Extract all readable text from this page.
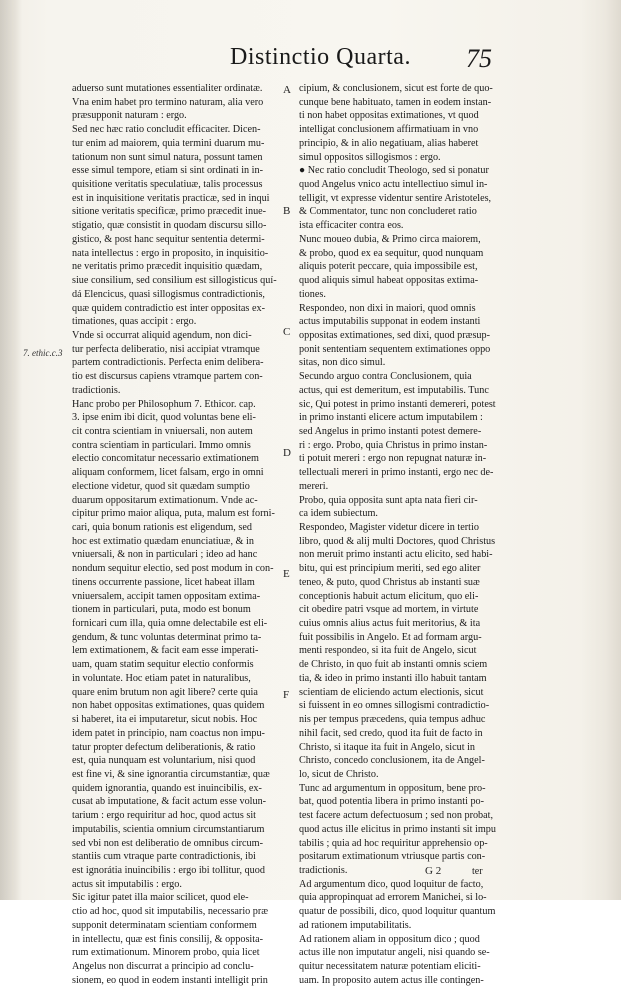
Distinctio Quarta. 75
7. ethic.c.3
A
B
C
D
E
F
aduerso sunt mutationes essentialiter ordinatæ.
Vna enim habet pro termino naturam, alia vero
præsupponit naturam : ergo.
Sed nec hæc ratio concludit efficaciter. Dicen-
tur enim ad maiorem, quia termini duarum mu-
tationum non sunt simul natura, possunt tamen
esse simul tempore, etiam si sint ordinati in in-
quisitione veritatis speculatiuæ, talis processus
est in inquisitione veritatis practicæ, sed in inqui
sitione veritatis specificæ, primo præcedit inue-
stigatio, quæ consistit in quodam discursu sillo-
gistico, & post hanc sequitur sententia determi-
nata intellectus : ergo in proposito, in inquisitio-
ne veritatis primo præcedit inquisitio quædam,
siue consilium, sed consilium est sillogisticus quí-
dá Elencicus, quasi sillogismus contradictionis,
quæ quidem contradictio est inter oppositas ex-
timationes, quas accipit : ergo.
Vnde si occurrat aliquid agendum, non dici-
tur perfecta deliberatio, nisi accipiat vtramque
partem contradictionis. Perfecta enim delibera-
tio est discursus capiens vtramque partem con-
tradictionis.
Hanc probo per Philosophum 7. Ethicor. cap.
3. ipse enim ibi dicit, quod voluntas bene eli-
cit contra scientiam in vniuersali, non autem
contra scientiam in particulari. Immo omnis
electio concomitatur necessario extimationem
aliquam conformem, licet falsam, ergo in omni
electione videtur, quod sit quædam sumptio
duarum oppositarum extimationum. Vnde ac-
cipitur primo maior aliqua, puta, malum est forni-
cari, quia bonum rationis est eligendum, sed
hoc est extimatio quædam enunciatiuæ, & in
vniuersali, & non in particulari ; ideo ad hanc
nondum sequitur electio, sed post modum in con-
tinens occurrente passione, licet habeat illam
vniuersalem, accipit tamen oppositam extima-
tionem in particulari, puta, modo est bonum
fornicari cum illa, quia omne delectabile est eli-
gendum, & tunc voluntas determinat primo ta-
lem extimationem, & facit eam esse imperati-
uam, quam statim sequitur electio conformis
in voluntate. Hoc etiam patet in naturalibus,
quare enim brutum non agit libere? certe quia
non habet oppositas extimationes, quas quidem
si haberet, ita ei imputaretur, sicut nobis. Hoc
idem patet in principio, nam coactus non impu-
tatur propter defectum deliberationis, & ratio
est, quia nunquam est voluntarium, nisi quod
est fine vi, & sine ignorantia circumstantiæ, quæ
quidem ignorantia, quando est inuincibilis, ex-
cusat ab imputatione, & facit actum esse volun-
tarium : ergo requiritur ad hoc, quod actus sit
imputabilis, scientia omnium circumstantiarum
sed vbi non est deliberatio de omnibus circum-
stantiis cum vtraque parte contradictionis, ibi
est ignorátia inuincibilis : ergo ibi tollitur, quod
actus sit imputabilis : ergo.
Sic igitur patet illa maior scilicet, quod ele-
ctio ad hoc, quod sit imputabilis, necessario præ
supponit determinatam scientiam conformem
in intellectu, quæ est finis consilij, & opposita-
rum extimationum. Minorem probo, quia licet
Angelus non discurrat a principio ad conclu-
sionem, eo quod in eodem instanti intelligit prin
cipium, & conclusionem, sicut est forte de quo-
cunque bene habituato, tamen in eodem instan-
ti non habet oppositas extimationes, vt quod
intelligat conclusionem affirmatiuam in vno
principio, & in alio negatiuam, alias haberet
simul oppositos sillogismos : ergo.
● Nec ratio concludit Theologo, sed si ponatur
quod Angelus vnico actu intellectiuo simul in-
telligit, vt expresse videntur sentire Aristoteles,
& Commentator, tunc non concluderet ratio
ista efficaciter contra eos.
Nunc moueo dubia, & Primo circa maiorem,
& probo, quod ex ea sequitur, quod nunquam
aliquis poterit peccare, quia impossibile est,
quod aliquis simul habeat oppositas extima-
tiones.
Respondeo, non dixi in maiori, quod omnis
actus imputabilis supponat in eodem instanti
oppositas extimationes, sed dixi, quod præsup-
ponit sententiam sequentem extimationes oppo
sitas, non dico simul.
Secundo arguo contra Conclusionem, quia
actus, qui est demeritum, est imputabilis. Tunc
sic, Qui potest in primo instanti demereri, potest
in primo instanti elicere actum imputabilem :
sed Angelus in primo instanti potest demere-
ri : ergo. Probo, quia Christus in primo instan-
ti potuit mereri : ergo non repugnat naturæ in-
tellectuali mereri in primo instanti, ergo nec de-
mereri.
Probo, quia opposita sunt apta nata fieri cir-
ca idem subiectum.
Respondeo, Magister videtur dicere in tertio
libro, quod & alij multi Doctores, quod Christus
non meruit primo instanti actu elicito, sed habi-
bitu, qui est principium meriti, sed ego aliter
teneo, & puto, quod Christus ab instanti suæ
conceptionis habuit actum elicitum, quo eli-
cit obedire patri vsque ad mortem, in virtute
cuius omnis alius actus fuit meritorius, & ita
fuit possibilis in Angelo. Et ad formam argu-
menti respondeo, si ita fuit de Angelo, sicut
de Christo, in quo fuit ab instanti omnis sciem
tia, & ideo in primo instanti illo habuit tantam
scientiam de eliciendo actum electionis, sicut
si fuissent in eo omnes sillogismi contradictio-
nis per tempus præcedens, quia tempus adhuc
nihil facit, sed credo, quod ita fuit de facto in
Christo, si itaque ita fuit in Angelo, sicut in
Christo, concedo conclusionem, ita de Angel-
lo, sicut de Christo.
Tunc ad argumentum in oppositum, bene pro-
bat, quod potentia libera in primo instanti po-
test facere actum defectuosum ; sed non probat,
quod actus ille elicitus in primo instanti sit impu
tabilis ; quia ad hoc requiritur apprehensio op-
positarum extimationum vtriusque partis con-
tradictionis.
Ad argumentum dico, quod loquitur de facto,
quia appropinquat ad errorem Manichei, si lo-
quatur de possibili, dico, quod loquitur quantum
ad rationem imputabilitatis.
Ad rationem aliam in oppositum dico ; quod
actus ille non imputatur angeli, nisi quando se-
quitur necessitatem naturæ potentiam eliciti-
uam. In proposito autem actus ille contingen-
G 2	ter
